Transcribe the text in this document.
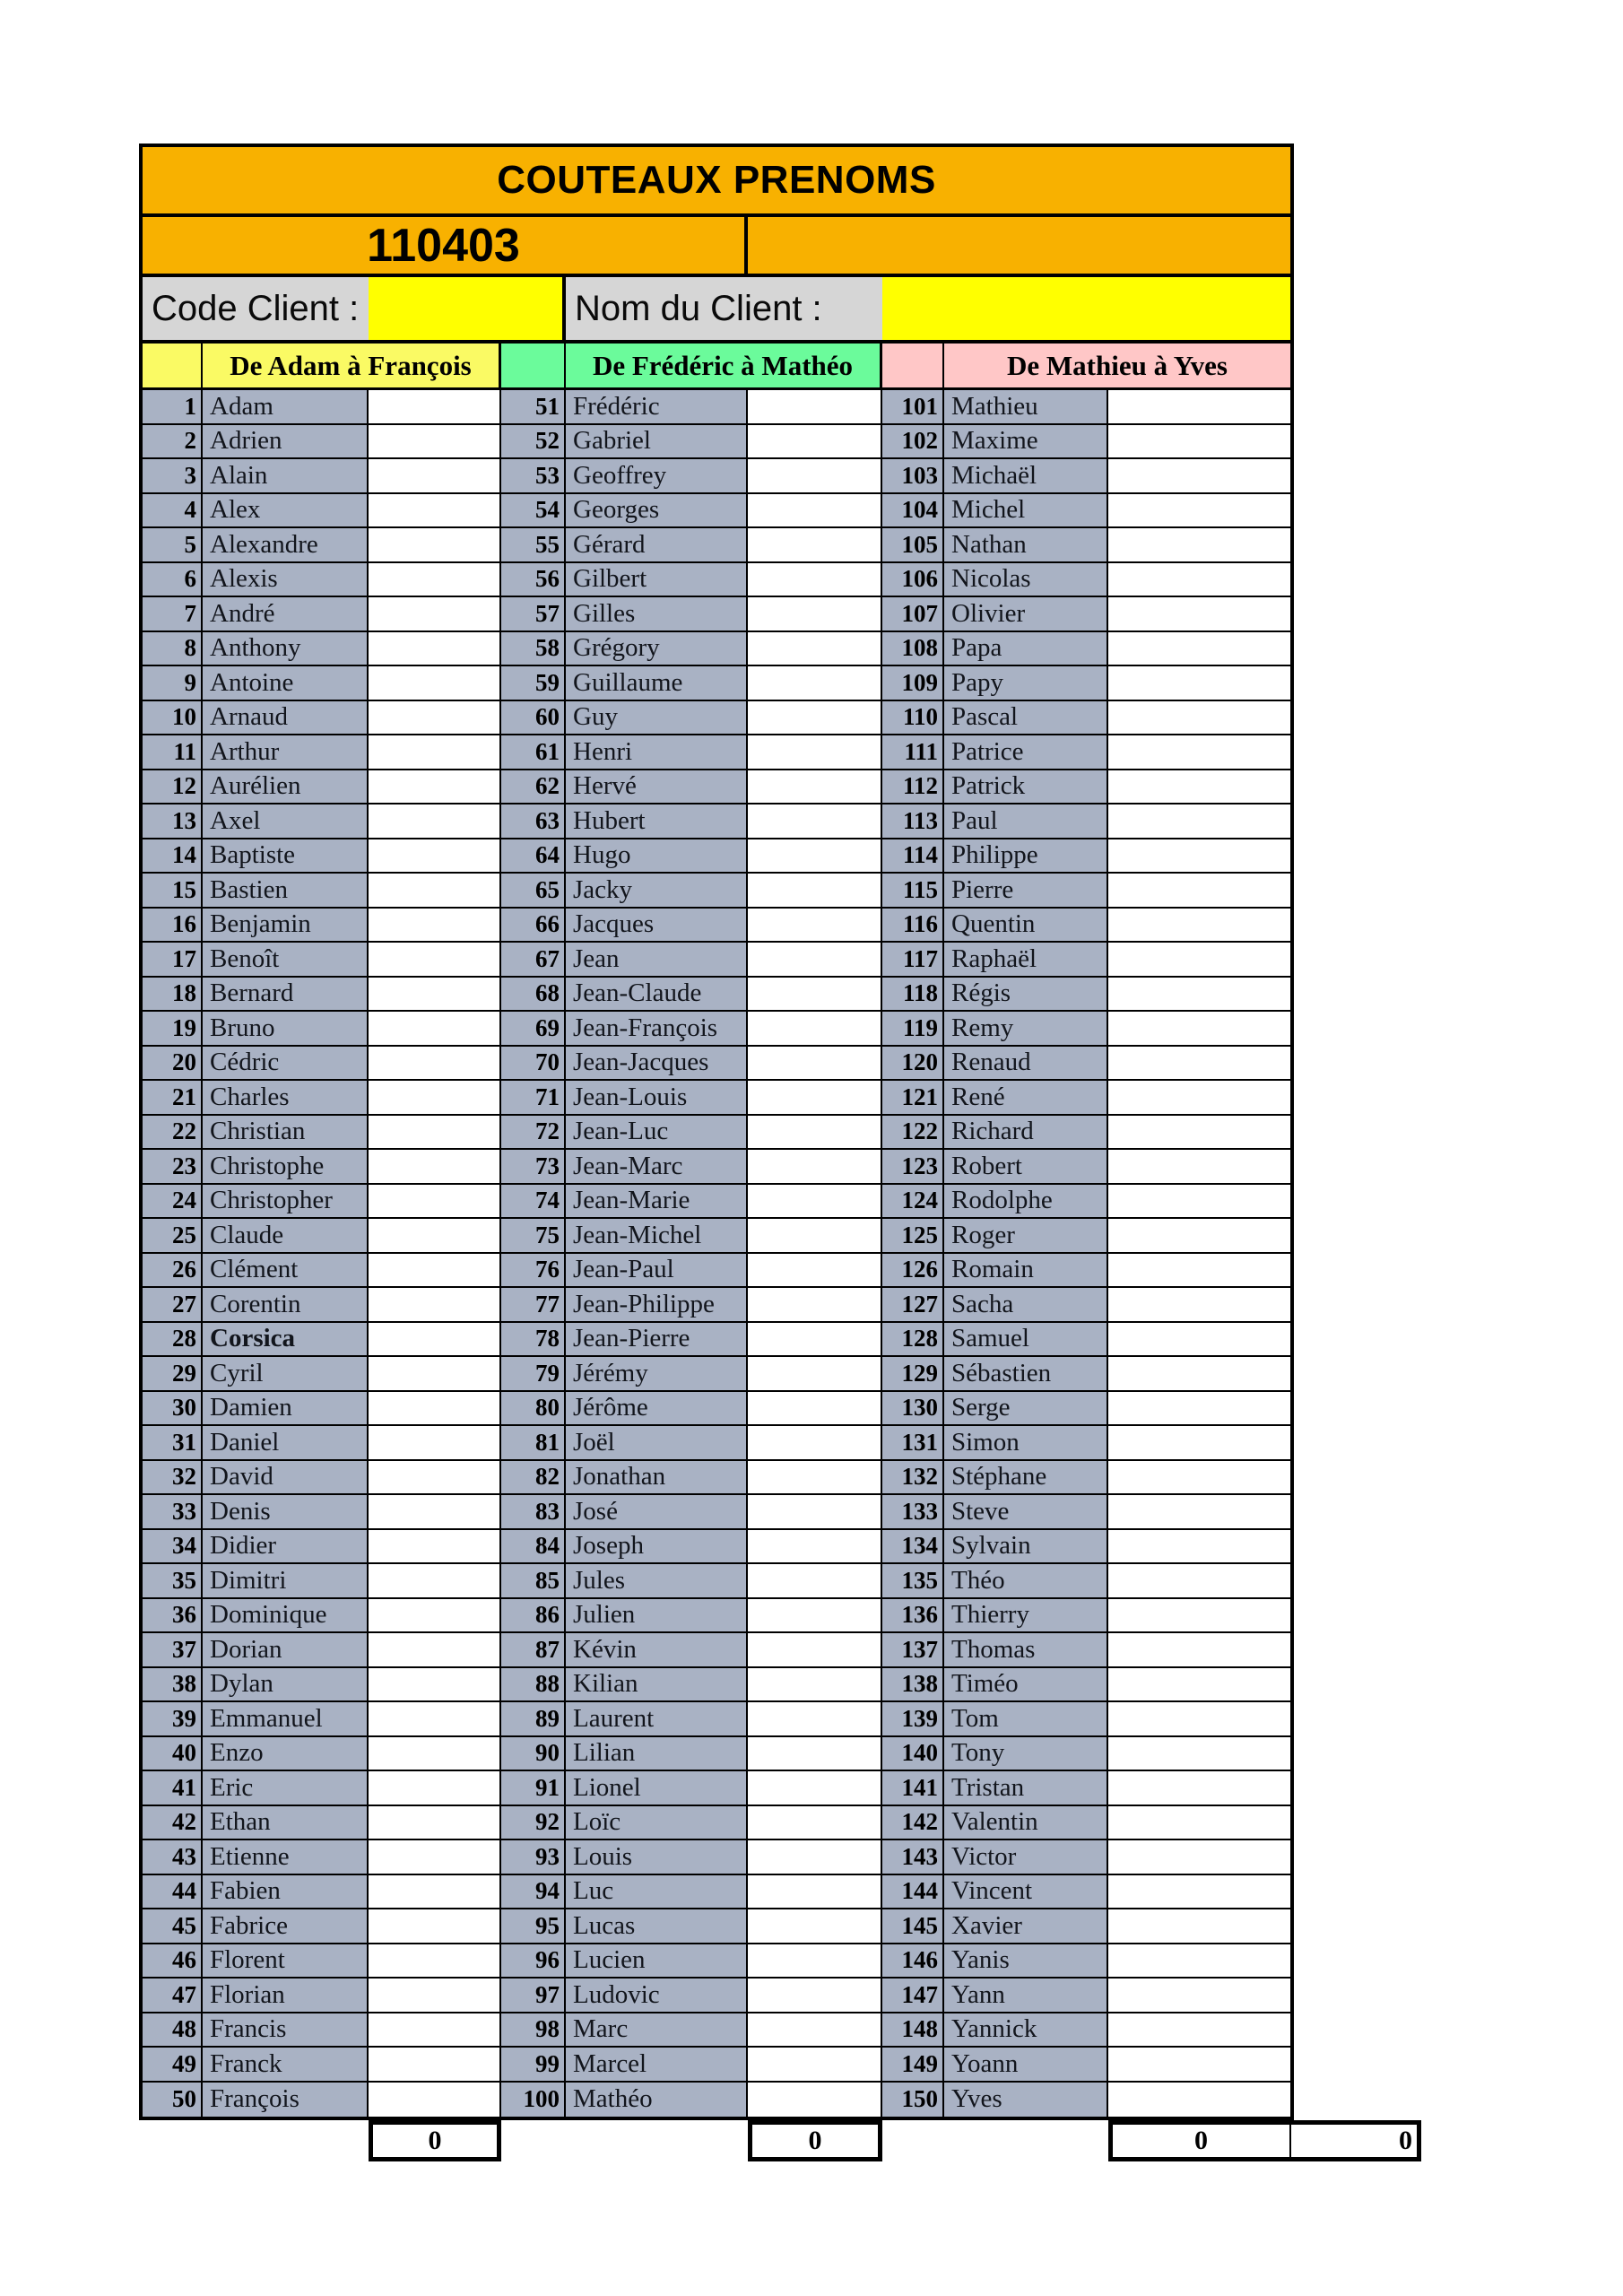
COUTEAUX PRENOMS
110403
Code Client :	Nom du Client :
De Adam à François	De Frédéric à Mathéo	De Mathieu à Yves
1 Adam	51 Frédéric	101 Mathieu
2 Adrien	52 Gabriel	102 Maxime
3 Alain	53 Geoffrey	103 Michaël
4 Alex	54 Georges	104 Michel
5 Alexandre	55 Gérard	105 Nathan
6 Alexis	56 Gilbert	106 Nicolas
7 André	57 Gilles	107 Olivier
8 Anthony	58 Grégory	108 Papa
9 Antoine	59 Guillaume	109 Papy
10 Arnaud	60 Guy	110 Pascal
11 Arthur	61 Henri	111 Patrice
12 Aurélien	62 Hervé	112 Patrick
13 Axel	63 Hubert	113 Paul
14 Baptiste	64 Hugo	114 Philippe
15 Bastien	65 Jacky	115 Pierre
16 Benjamin	66 Jacques	116 Quentin
17 Benoît	67 Jean	117 Raphaël
18 Bernard	68 Jean-Claude	118 Régis
19 Bruno	69 Jean-François	119 Remy
20 Cédric	70 Jean-Jacques	120 Renaud
21 Charles	71 Jean-Louis	121 René
22 Christian	72 Jean-Luc	122 Richard
23 Christophe	73 Jean-Marc	123 Robert
24 Christopher	74 Jean-Marie	124 Rodolphe
25 Claude	75 Jean-Michel	125 Roger
26 Clément	76 Jean-Paul	126 Romain
27 Corentin	77 Jean-Philippe	127 Sacha
28 Corsica	78 Jean-Pierre	128 Samuel
29 Cyril	79 Jérémy	129 Sébastien
30 Damien	80 Jérôme	130 Serge
31 Daniel	81 Joël	131 Simon
32 David	82 Jonathan	132 Stéphane
33 Denis	83 José	133 Steve
34 Didier	84 Joseph	134 Sylvain
35 Dimitri	85 Jules	135 Théo
36 Dominique	86 Julien	136 Thierry
37 Dorian	87 Kévin	137 Thomas
38 Dylan	88 Kilian	138 Timéo
39 Emmanuel	89 Laurent	139 Tom
40 Enzo	90 Lilian	140 Tony
41 Eric	91 Lionel	141 Tristan
42 Ethan	92 Loïc	142 Valentin
43 Etienne	93 Louis	143 Victor
44 Fabien	94 Luc	144 Vincent
45 Fabrice	95 Lucas	145 Xavier
46 Florent	96 Lucien	146 Yanis
47 Florian	97 Ludovic	147 Yann
48 Francis	98 Marc	148 Yannick
49 Franck	99 Marcel	149 Yoann
50 François	100 Mathéo	150 Yves
0	0	0	0
